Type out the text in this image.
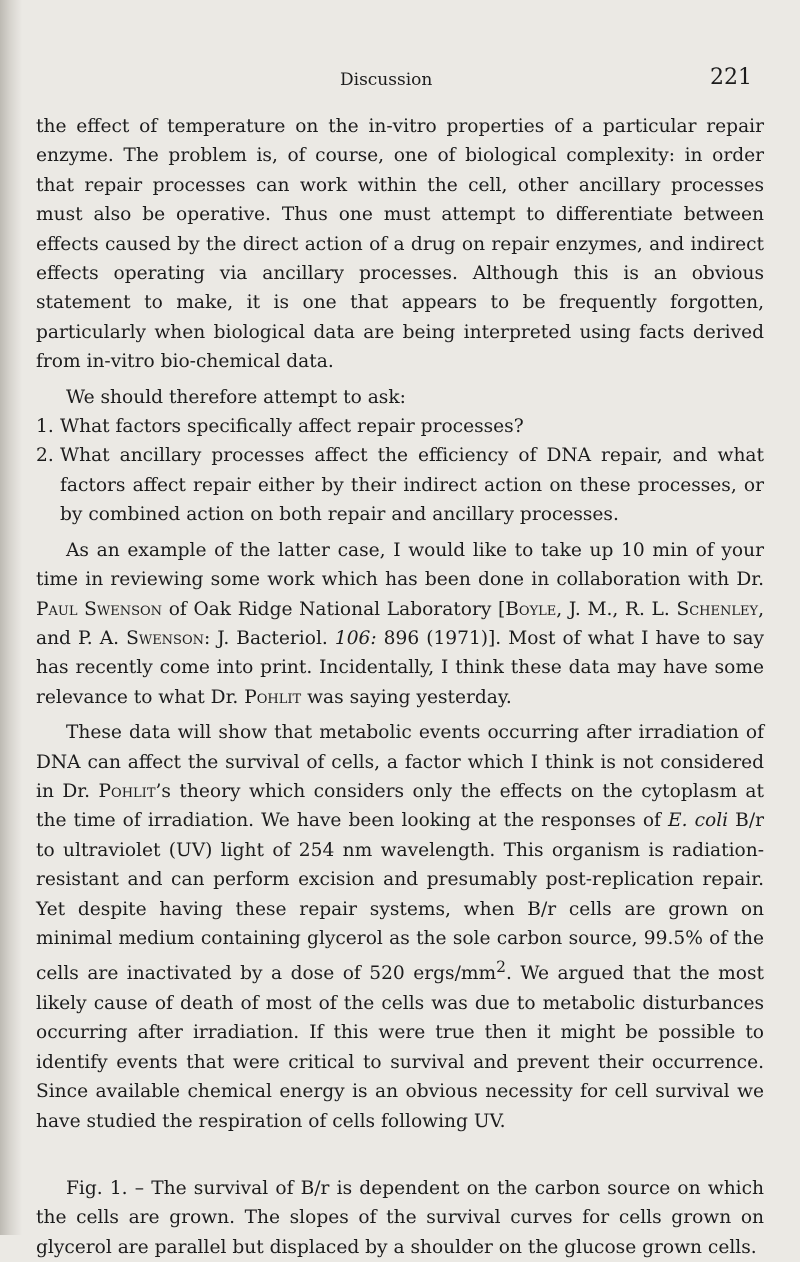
Discussion	221

the effect of temperature on the in-vitro properties of a particular repair enzyme. The problem is, of course, one of biological complexity: in order that repair processes can work within the cell, other ancillary processes must also be operative. Thus one must attempt to differentiate between effects caused by the direct action of a drug on repair enzymes, and indirect effects operating via ancillary processes. Although this is an obvious statement to make, it is one that appears to be frequently forgotten, particularly when biological data are being interpreted using facts derived from in-vitro bio-chemical data.

We should therefore attempt to ask:

1. What factors specifically affect repair processes?
2. What ancillary processes affect the efficiency of DNA repair, and what factors affect repair either by their indirect action on these processes, or by combined action on both repair and ancillary processes.

As an example of the latter case, I would like to take up 10 min of your time in reviewing some work which has been done in collaboration with Dr. Paul Swenson of Oak Ridge National Laboratory [Boyle, J. M., R. L. Schenley, and P. A. Swenson: J. Bacteriol. 106: 896 (1971)]. Most of what I have to say has recently come into print. Incidentally, I think these data may have some relevance to what Dr. Pohlit was saying yesterday.

These data will show that metabolic events occurring after irradiation of DNA can affect the survival of cells, a factor which I think is not considered in Dr. Pohlit’s theory which considers only the effects on the cytoplasm at the time of irradiation. We have been looking at the responses of E. coli B/r to ultraviolet (UV) light of 254 nm wavelength. This organism is radiation-resistant and can perform excision and presumably post-replication repair. Yet despite having these repair systems, when B/r cells are grown on minimal medium containing glycerol as the sole carbon source, 99.5% of the cells are inactivated by a dose of 520 ergs/$mm^2$. We argued that the most likely cause of death of most of the cells was due to metabolic disturbances occurring after irradiation. If this were true then it might be possible to identify events that were critical to survival and prevent their occurrence. Since available chemical energy is an obvious necessity for cell survival we have studied the respiration of cells following UV.

Fig. 1. – The survival of B/r is dependent on the carbon source on which the cells are grown. The slopes of the survival curves for cells grown on glycerol are parallel but displaced by a shoulder on the glucose grown cells.
